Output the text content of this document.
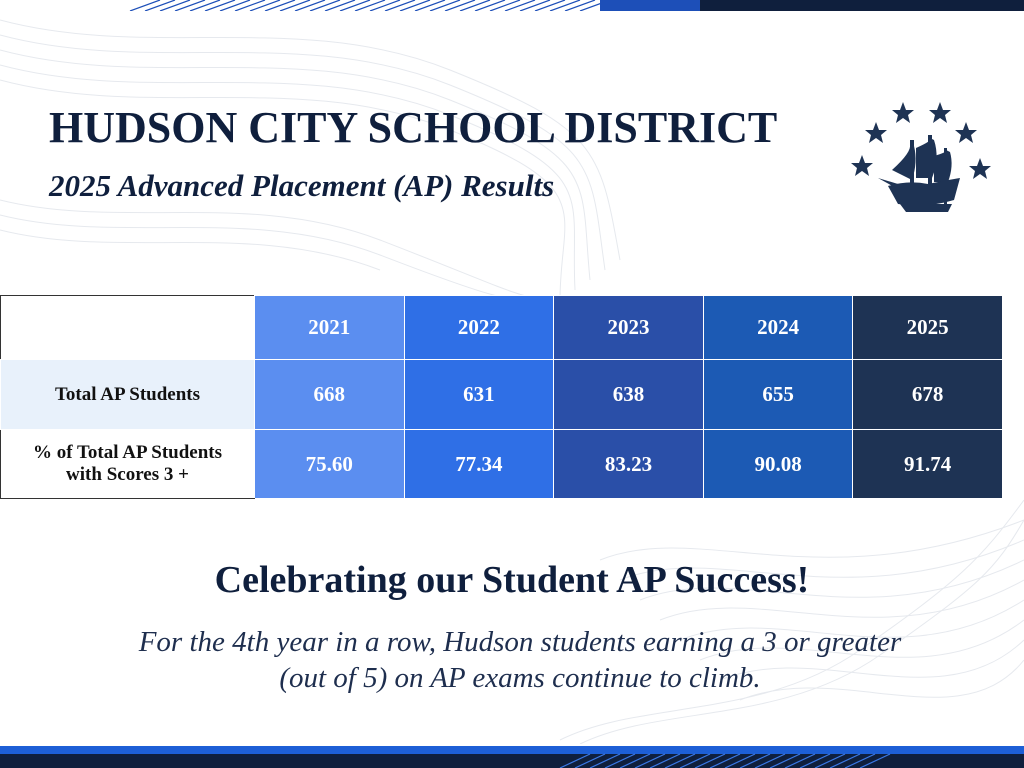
HUDSON CITY SCHOOL DISTRICT
2025 Advanced Placement (AP) Results
	2021	2022	2023	2024	2025
Total AP Students	668	631	638	655	678

% of Total AP Students
with Scores 3 +	75.60	77.34	83.23	90.08	91.74
Celebrating our Student AP Success!

For the 4th year in a row, Hudson students earning a 3 or greater
(out of 5) on AP exams continue to climb.
